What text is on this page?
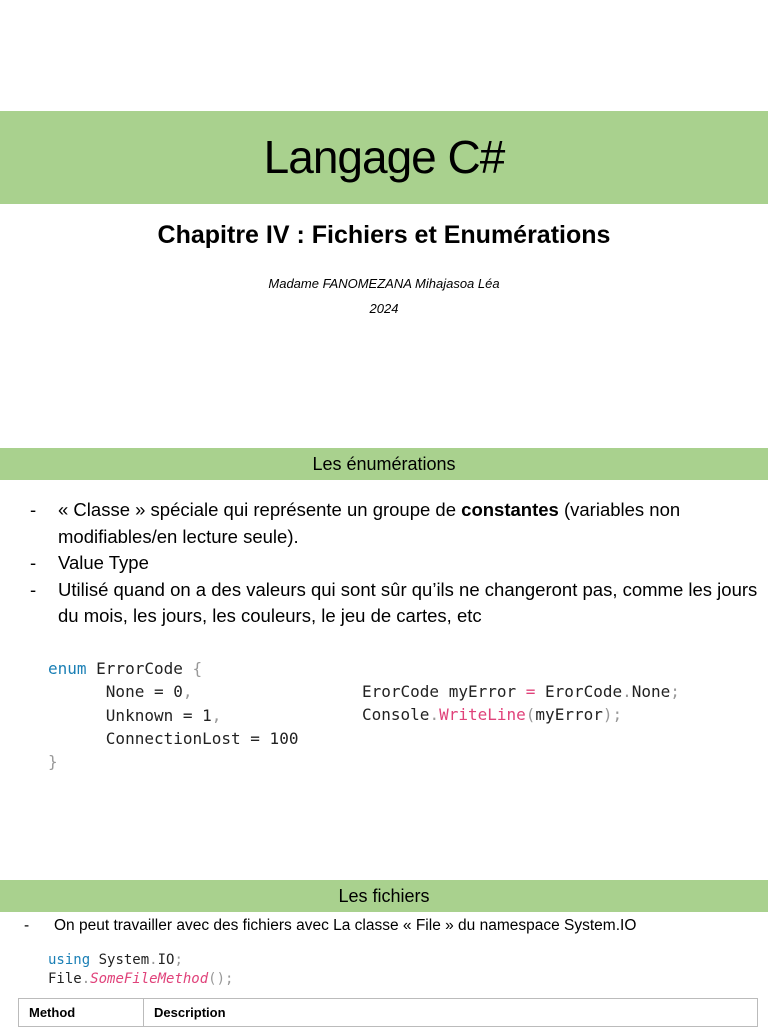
Langage C#
Chapitre IV : Fichiers et Enumérations
Madame FANOMEZANA Mihajasoa Léa
2024
Les énumérations
- « Classe » spéciale qui représente un groupe de constantes (variables non modifiables/en lecture seule).
- Value Type
- Utilisé quand on a des valeurs qui sont sûr qu’ils ne changeront pas, comme les jours du mois, les jours, les couleurs, le jeu de cartes, etc
enum ErrorCode {
None = 0,
Unknown = 1,
ConnectionLost = 100
}
ErorCode myError = ErorCode.None;
Console.WriteLine(myError);
Les fichiers
- On peut travailler avec des fichiers avec La classe « File » du namespace System.IO
using System.IO;
File.SomeFileMethod();
Method	Description
